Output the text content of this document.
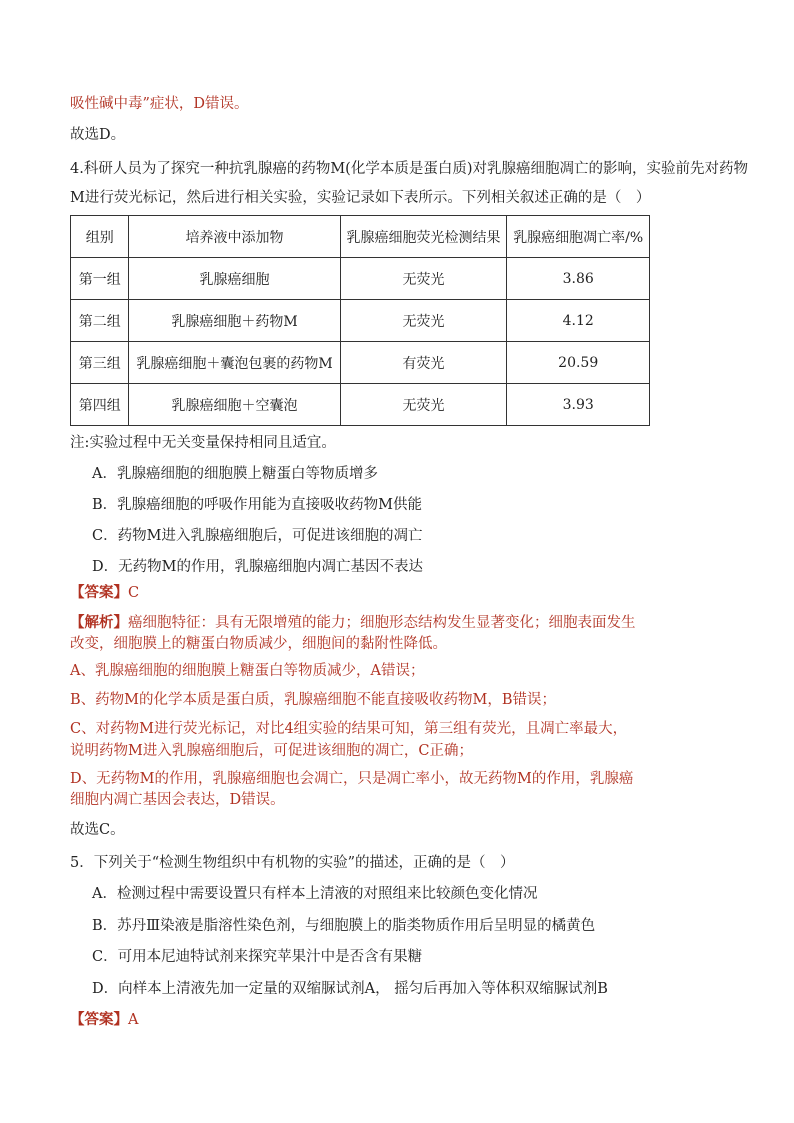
吸性碱中毒”症状，D错误。
故选D。
4.科研人员为了探究一种抗乳腺癌的药物M(化学本质是蛋白质)对乳腺癌细胞凋亡的影响，实验前先对药物
M进行荧光标记，然后进行相关实验，实验记录如下表所示。下列相关叙述正确的是（　）
组别	培养液中添加物	乳腺癌细胞荧光检测结果	乳腺癌细胞凋亡率/%
第一组	乳腺癌细胞	无荧光	3.86
第二组	乳腺癌细胞＋药物M	无荧光	4.12
第三组	乳腺癌细胞＋囊泡包裹的药物M	有荧光	20.59
第四组	乳腺癌细胞＋空囊泡	无荧光	3.93
注:实验过程中无关变量保持相同且适宜。
A．乳腺癌细胞的细胞膜上糖蛋白等物质增多
B．乳腺癌细胞的呼吸作用能为直接吸收药物M供能
C．药物M进入乳腺癌细胞后，可促进该细胞的凋亡
D．无药物M的作用，乳腺癌细胞内凋亡基因不表达
【答案】C
【解析】癌细胞特征：具有无限增殖的能力；细胞形态结构发生显著变化；细胞表面发生
改变，细胞膜上的糖蛋白物质减少，细胞间的黏附性降低。
A、乳腺癌细胞的细胞膜上糖蛋白等物质减少，A错误；
B、药物M的化学本质是蛋白质，乳腺癌细胞不能直接吸收药物M，B错误；
C、对药物M进行荧光标记，对比4组实验的结果可知，第三组有荧光，且凋亡率最大，
说明药物M进入乳腺癌细胞后，可促进该细胞的凋亡，C正确；
D、无药物M的作用，乳腺癌细胞也会凋亡，只是凋亡率小，故无药物M的作用，乳腺癌
细胞内凋亡基因会表达，D错误。
故选C。
5．下列关于“检测生物组织中有机物的实验”的描述，正确的是（　）
A．检测过程中需要设置只有样本上清液的对照组来比较颜色变化情况
B．苏丹Ⅲ染液是脂溶性染色剂，与细胞膜上的脂类物质作用后呈明显的橘黄色
C．可用本尼迪特试剂来探究苹果汁中是否含有果糖
D．向样本上清液先加一定量的双缩脲试剂A， 摇匀后再加入等体积双缩脲试剂B
【答案】A
